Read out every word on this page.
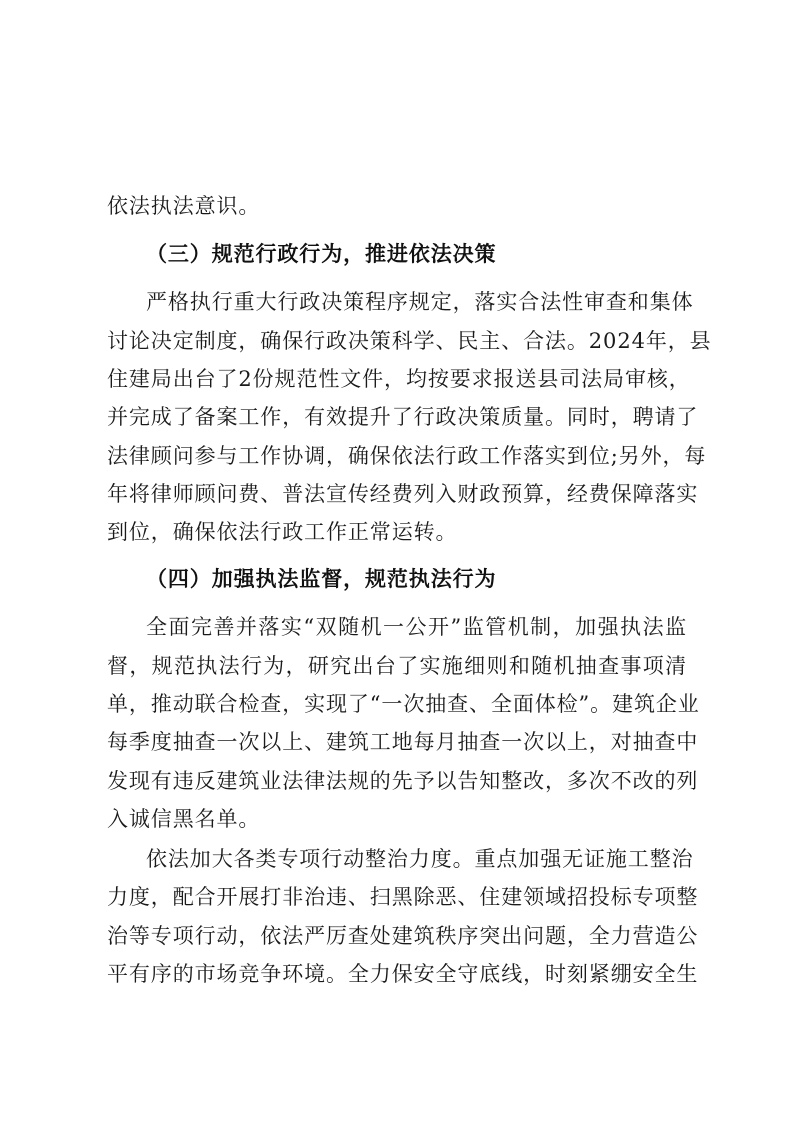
依法执法意识。
（三）规范行政行为，推进依法决策
严格执行重大行政决策程序规定，落实合法性审查和集体
讨论决定制度，确保行政决策科学、民主、合法。2024年，县
住建局出台了2份规范性文件，均按要求报送县司法局审核，
并完成了备案工作，有效提升了行政决策质量。同时，聘请了
法律顾问参与工作协调，确保依法行政工作落实到位;另外，每
年将律师顾问费、普法宣传经费列入财政预算，经费保障落实
到位，确保依法行政工作正常运转。
（四）加强执法监督，规范执法行为
全面完善并落实“双随机一公开”监管机制，加强执法监
督，规范执法行为，研究出台了实施细则和随机抽查事项清
单，推动联合检查，实现了“一次抽查、全面体检”。建筑企业
每季度抽查一次以上、建筑工地每月抽查一次以上，对抽查中
发现有违反建筑业法律法规的先予以告知整改，多次不改的列
入诚信黑名单。
依法加大各类专项行动整治力度。重点加强无证施工整治
力度，配合开展打非治违、扫黑除恶、住建领域招投标专项整
治等专项行动，依法严厉查处建筑秩序突出问题，全力营造公
平有序的市场竞争环境。全力保安全守底线，时刻紧绷安全生
